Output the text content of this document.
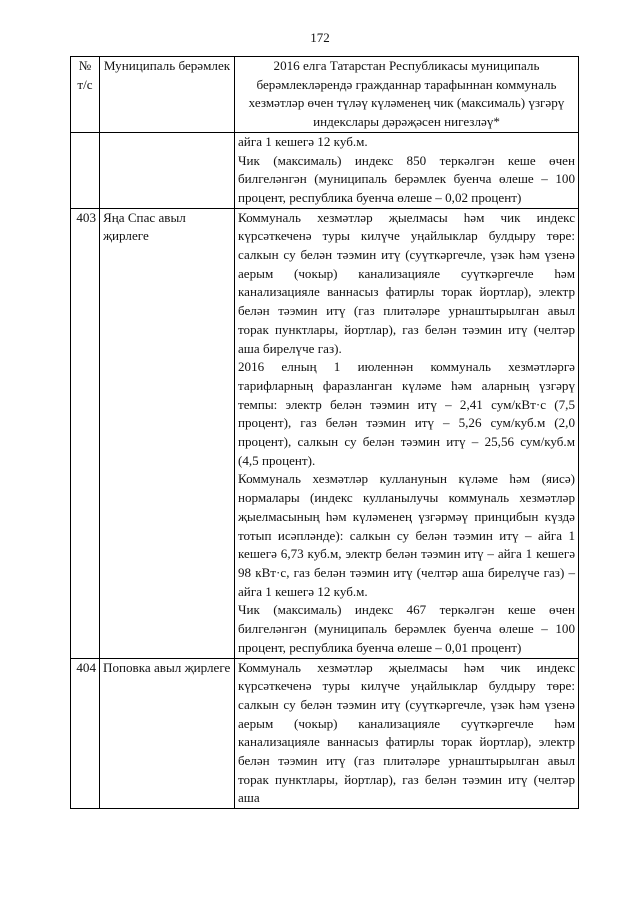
172
№ т/с	Муниципаль берәмлек	2016 елга Татарстан Республикасы муниципаль берәмлекләрендә гражданнар тарафыннан коммуналь хезмәтләр өчен түләү күләменең чик (максималь) үзгәрү индекслары дәрәҗәсен нигезләү*

		айга 1 кешегә 12 куб.м.

Чик (максималь) индекс 850 теркәлгән кеше өчен билгеләнгән (муниципаль берәмлек буенча өлеше – 100 процент, республика буенча өлеше – 0,02 процент)

403	Яңа Спас авыл җирлеге	Коммуналь хезмәтләр җыелмасы һәм чик индекс күрсәткеченә туры килүче уңайлыклар булдыру төре: салкын су белән тәэмин итү (суүткәргечле, үзәк һәм үзенә аерым (чокыр) канализацияле суүткәргечле һәм канализацияле ваннасыз фатирлы торак йортлар), электр белән тәэмин итү (газ плитәләре урнаштырылган авыл торак пунктлары, йортлар), газ белән тәэмин итү (челтәр аша бирелүче газ).

2016 елның 1 июленнән коммуналь хезмәтләргә тарифларның фаразланган күләме һәм аларның үзгәрү темпы: электр белән тәэмин итү – 2,41 сум/кВт·с (7,5 процент), газ белән тәэмин итү – 5,26 сум/куб.м (2,0 процент), салкын су белән тәэмин итү – 25,56 сум/куб.м (4,5 процент).

Коммуналь хезмәтләр кулланунын күләме һәм (яисә) нормалары (индекс кулланылучы коммуналь хезмәтләр җыелмасының һәм күләменең үзгәрмәү принцибын күздә тотып исәпләнде): салкын су белән тәэмин итү – айга 1 кешегә 6,73 куб.м, электр белән тәэмин итү – айга 1 кешегә 98 кВт·с, газ белән тәэмин итү (челтәр аша бирелүче газ) – айга 1 кешегә 12 куб.м.

Чик (максималь) индекс 467 теркәлгән кеше өчен билгеләнгән (муниципаль берәмлек буенча өлеше – 100 процент, республика буенча өлеше – 0,01 процент)

404	Поповка авыл җирлеге	Коммуналь хезмәтләр җыелмасы һәм чик индекс күрсәткеченә туры килүче уңайлыклар булдыру төре: салкын су белән тәэмин итү (суүткәргечле, үзәк һәм үзенә аерым (чокыр) канализацияле суүткәргечле һәм канализацияле ваннасыз фатирлы торак йортлар), электр белән тәэмин итү (газ плитәләре урнаштырылган авыл торак пунктлары, йортлар), газ белән тәэмин итү (челтәр аша
